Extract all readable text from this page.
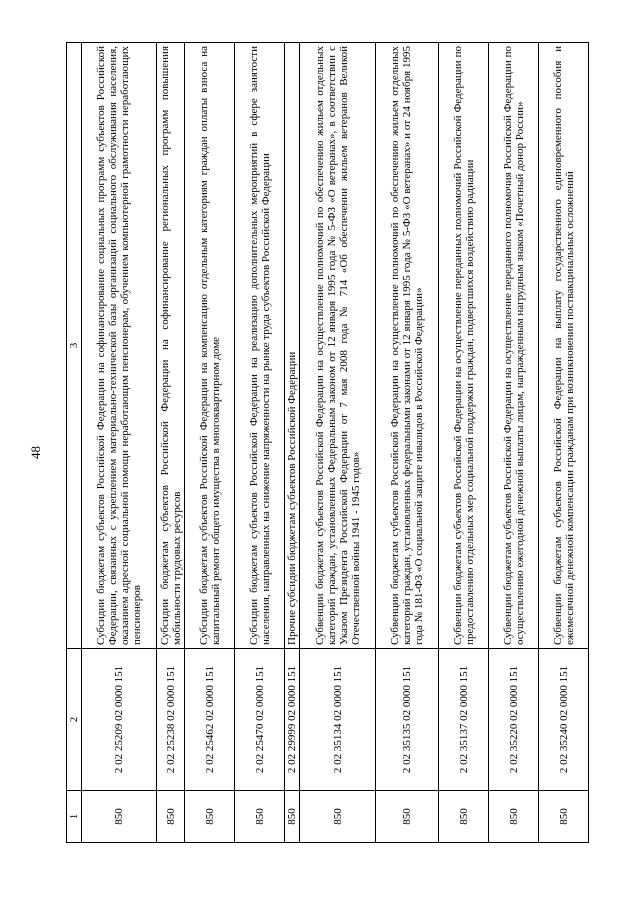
48
1	2	3
850	2 02 25209 02 0000 151	Субсидии бюджетам субъектов Российской Федерации на софинансирование социальных программ субъектов Российской Федерации, связанных с укреплением материально-технической базы организаций социального обслуживания населения, оказанием адресной социальной помощи неработающим пенсионерам, обучением компьютерной грамотности неработающих пенсионеров
850	2 02 25238 02 0000 151	Субсидии бюджетам субъектов Российской Федерации на софинансирование региональных программ повышения мобильности трудовых ресурсов
850	2 02 25462 02 0000 151	Субсидии бюджетам субъектов Российской Федерации на компенсацию отдельным категориям граждан оплаты взноса на капитальный ремонт общего имущества в многоквартирном доме
850	2 02 25470 02 0000 151	Субсидии бюджетам субъектов Российской Федерации на реализацию дополнительных мероприятий в сфере занятости населения, направленных на снижение напряженности на рынке труда субъектов Российской Федерации
850	2 02 29999 02 0000 151	Прочие субсидии бюджетам субъектов Российской Федерации
850	2 02 35134 02 0000 151	Субвенции бюджетам субъектов Российской Федерации на осуществление полномочий по обеспечению жильем отдельных категорий граждан, установленных Федеральным законом от 12 января 1995 года № 5-ФЗ «О ветеранах», в соответствии с Указом Президента Российской Федерации от 7 мая 2008 года № 714 «Об обеспечении жильем ветеранов Великой Отечественной войны 1941 - 1945 годов»
850	2 02 35135 02 0000 151	Субвенции бюджетам субъектов Российской Федерации на осуществление полномочий по обеспечению жильем отдельных категорий граждан, установленных федеральными законами от 12 января 1995 года № 5-ФЗ «О ветеранах» и от 24 ноября 1995 года № 181-ФЗ «О социальной защите инвалидов в Российской Федерации»
850	2 02 35137 02 0000 151	Субвенции бюджетам субъектов Российской Федерации на осуществление переданных полномочий Российской Федерации по предоставлению отдельных мер социальной поддержки граждан, подвергшихся воздействию радиации
850	2 02 35220 02 0000 151	Субвенции бюджетам субъектов Российской Федерации на осуществление переданного полномочия Российской Федерации по осуществлению ежегодной денежной выплаты лицам, награжденным нагрудным знаком «Почетный донор России»
850	2 02 35240 02 0000 151	Субвенции бюджетам субъектов Российской Федерации на выплату государственного единовременного пособия и ежемесячной денежной компенсации гражданам при возникновении поствакцинальных осложнений
